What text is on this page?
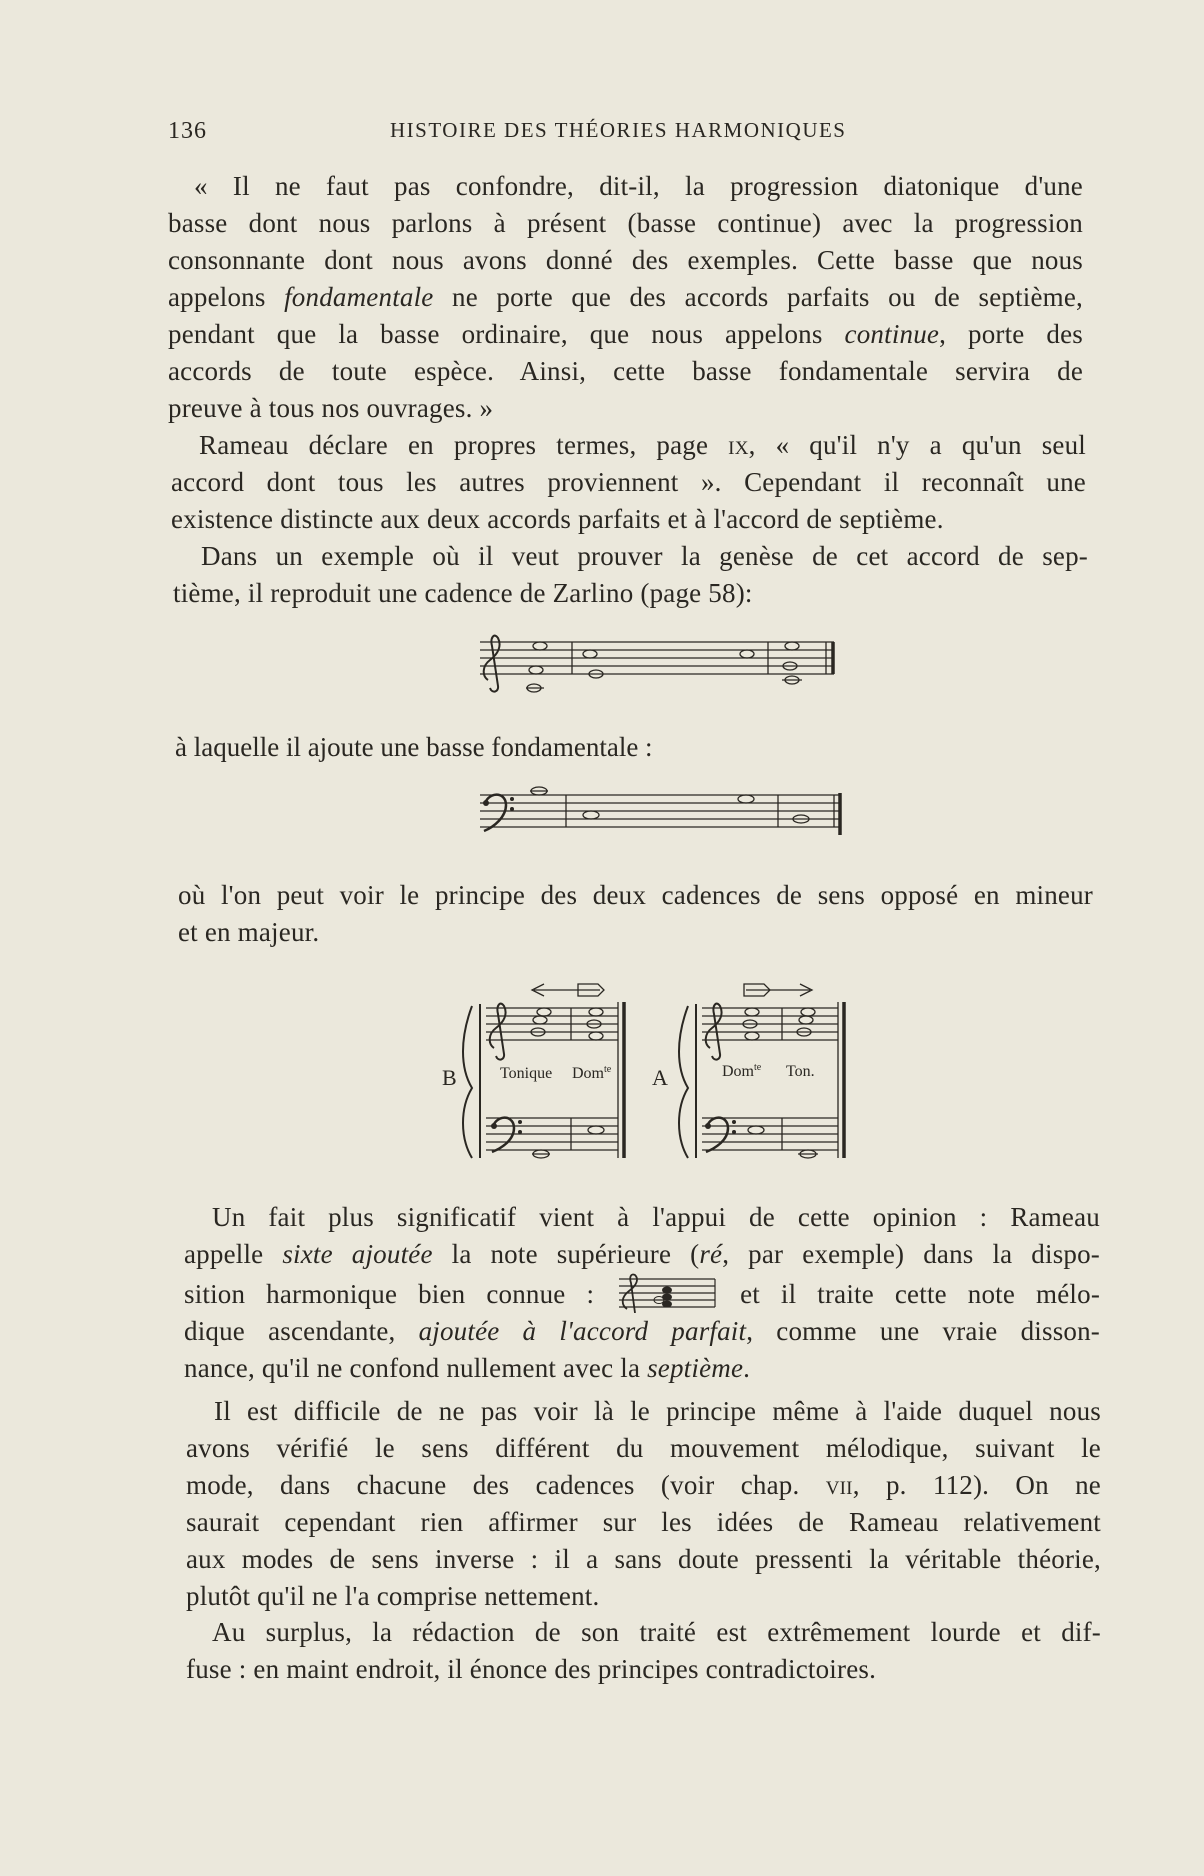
136	HISTOIRE DES THÉORIES HARMONIQUES
« Il ne faut pas confondre, dit-il, la progression diatonique d'une
basse dont nous parlons à présent (basse continue) avec la progression
consonnante dont nous avons donné des exemples. Cette basse que nous
appelons fondamentale ne porte que des accords parfaits ou de septième,
pendant que la basse ordinaire, que nous appelons continue, porte des
accords de toute espèce. Ainsi, cette basse fondamentale servira de
preuve à tous nos ouvrages. »
Rameau déclare en propres termes, page ix, « qu'il n'y a qu'un seul
accord dont tous les autres proviennent ». Cependant il reconnaît une
existence distincte aux deux accords parfaits et à l'accord de septième.
Dans un exemple où il veut prouver la genèse de cet accord de sep-
tième, il reproduit une cadence de Zarlino (page 58):
à laquelle il ajoute une basse fondamentale :
où l'on peut voir le principe des deux cadences de sens opposé en mineur
et en majeur.
B	A
Tonique Dom$^{te}$	Dom$^{te}$ Ton.
Un fait plus significatif vient à l'appui de cette opinion : Rameau
appelle sixte ajoutée la note supérieure (ré, par exemple) dans la dispo-
sition harmonique bien connue :	et il traite cette note mélo-
dique ascendante, ajoutée à l'accord parfait, comme une vraie disson-
nance, qu'il ne confond nullement avec la septième.
Il est difficile de ne pas voir là le principe même à l'aide duquel nous
avons vérifié le sens différent du mouvement mélodique, suivant le
mode, dans chacune des cadences (voir chap. vii, p. 112). On ne
saurait cependant rien affirmer sur les idées de Rameau relativement
aux modes de sens inverse : il a sans doute pressenti la véritable théorie,
plutôt qu'il ne l'a comprise nettement.
Au surplus, la rédaction de son traité est extrêmement lourde et dif-
fuse : en maint endroit, il énonce des principes contradictoires.
